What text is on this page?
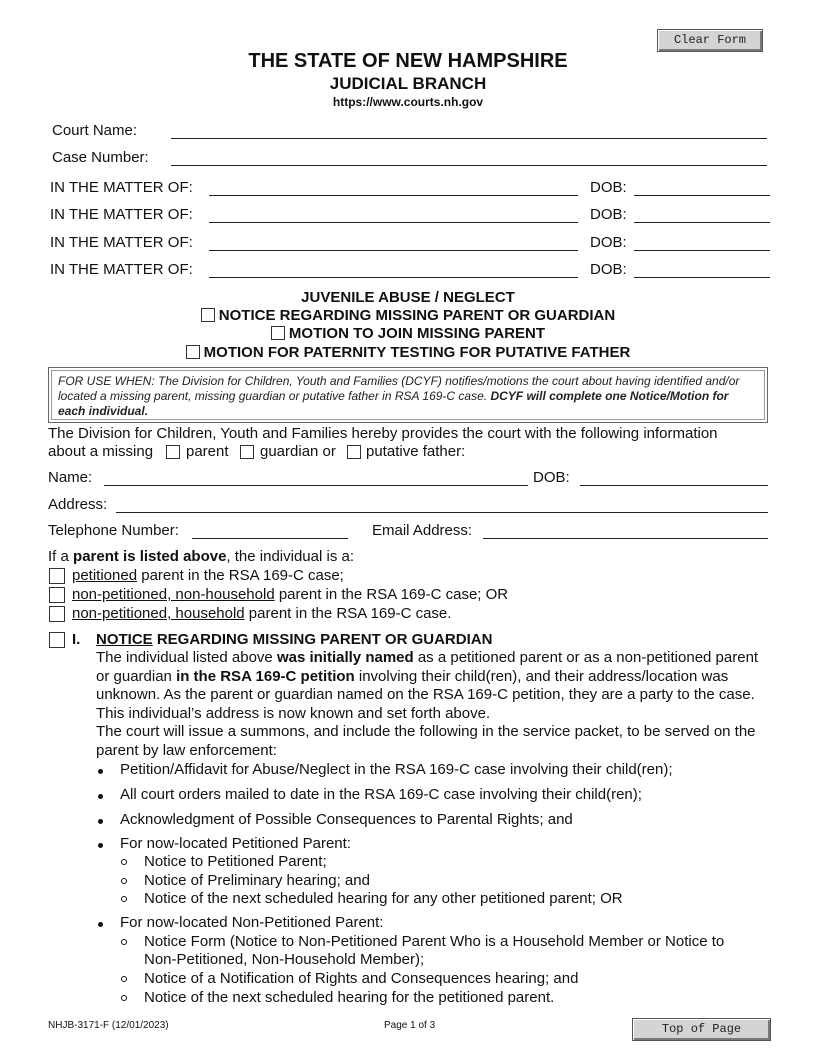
Clear Form
Top of Page
THE STATE OF NEW HAMPSHIRE
JUDICIAL BRANCH
https://www.courts.nh.gov
Court Name:
Case Number:
IN THE MATTER OF:	DOB:
IN THE MATTER OF:	DOB:
IN THE MATTER OF:	DOB:
IN THE MATTER OF:	DOB:
JUVENILE ABUSE / NEGLECT
NOTICE REGARDING MISSING PARENT OR GUARDIAN
MOTION TO JOIN MISSING PARENT
MOTION FOR PATERNITY TESTING FOR PUTATIVE FATHER
FOR USE WHEN: The Division for Children, Youth and Families (DCYF) notifies/motions the court about having identified and/or located a missing parent, missing guardian or putative father in RSA 169-C case. DCYF will complete one Notice/Motion for each individual.
The Division for Children, Youth and Families hereby provides the court with the following information
about a missing parent guardian or putative father:
Name:	DOB:
Address:
Telephone Number:	Email Address:
If a parent is listed above, the individual is a:
petitioned parent in the RSA 169-C case;
non-petitioned, non-household parent in the RSA 169-C case; OR
non-petitioned, household parent in the RSA 169-C case.
I. NOTICE REGARDING MISSING PARENT OR GUARDIAN
The individual listed above was initially named as a petitioned parent or as a non-petitioned parent or guardian in the RSA 169-C petition involving their child(ren), and their address/location was unknown. As the parent or guardian named on the RSA 169-C petition, they are a party to the case. This individual’s address is now known and set forth above.
The court will issue a summons, and include the following in the service packet, to be served on the parent by law enforcement:
Petition/Affidavit for Abuse/Neglect in the RSA 169-C case involving their child(ren);
All court orders mailed to date in the RSA 169-C case involving their child(ren);
Acknowledgment of Possible Consequences to Parental Rights; and
For now-located Petitioned Parent:
Notice to Petitioned Parent;
Notice of Preliminary hearing; and
Notice of the next scheduled hearing for any other petitioned parent; OR
For now-located Non-Petitioned Parent:
Notice Form (Notice to Non-Petitioned Parent Who is a Household Member or Notice to
Non-Petitioned, Non-Household Member);
Notice of a Notification of Rights and Consequences hearing; and
Notice of the next scheduled hearing for the petitioned parent.
NHJB-3171-F (12/01/2023)	Page 1 of 3
